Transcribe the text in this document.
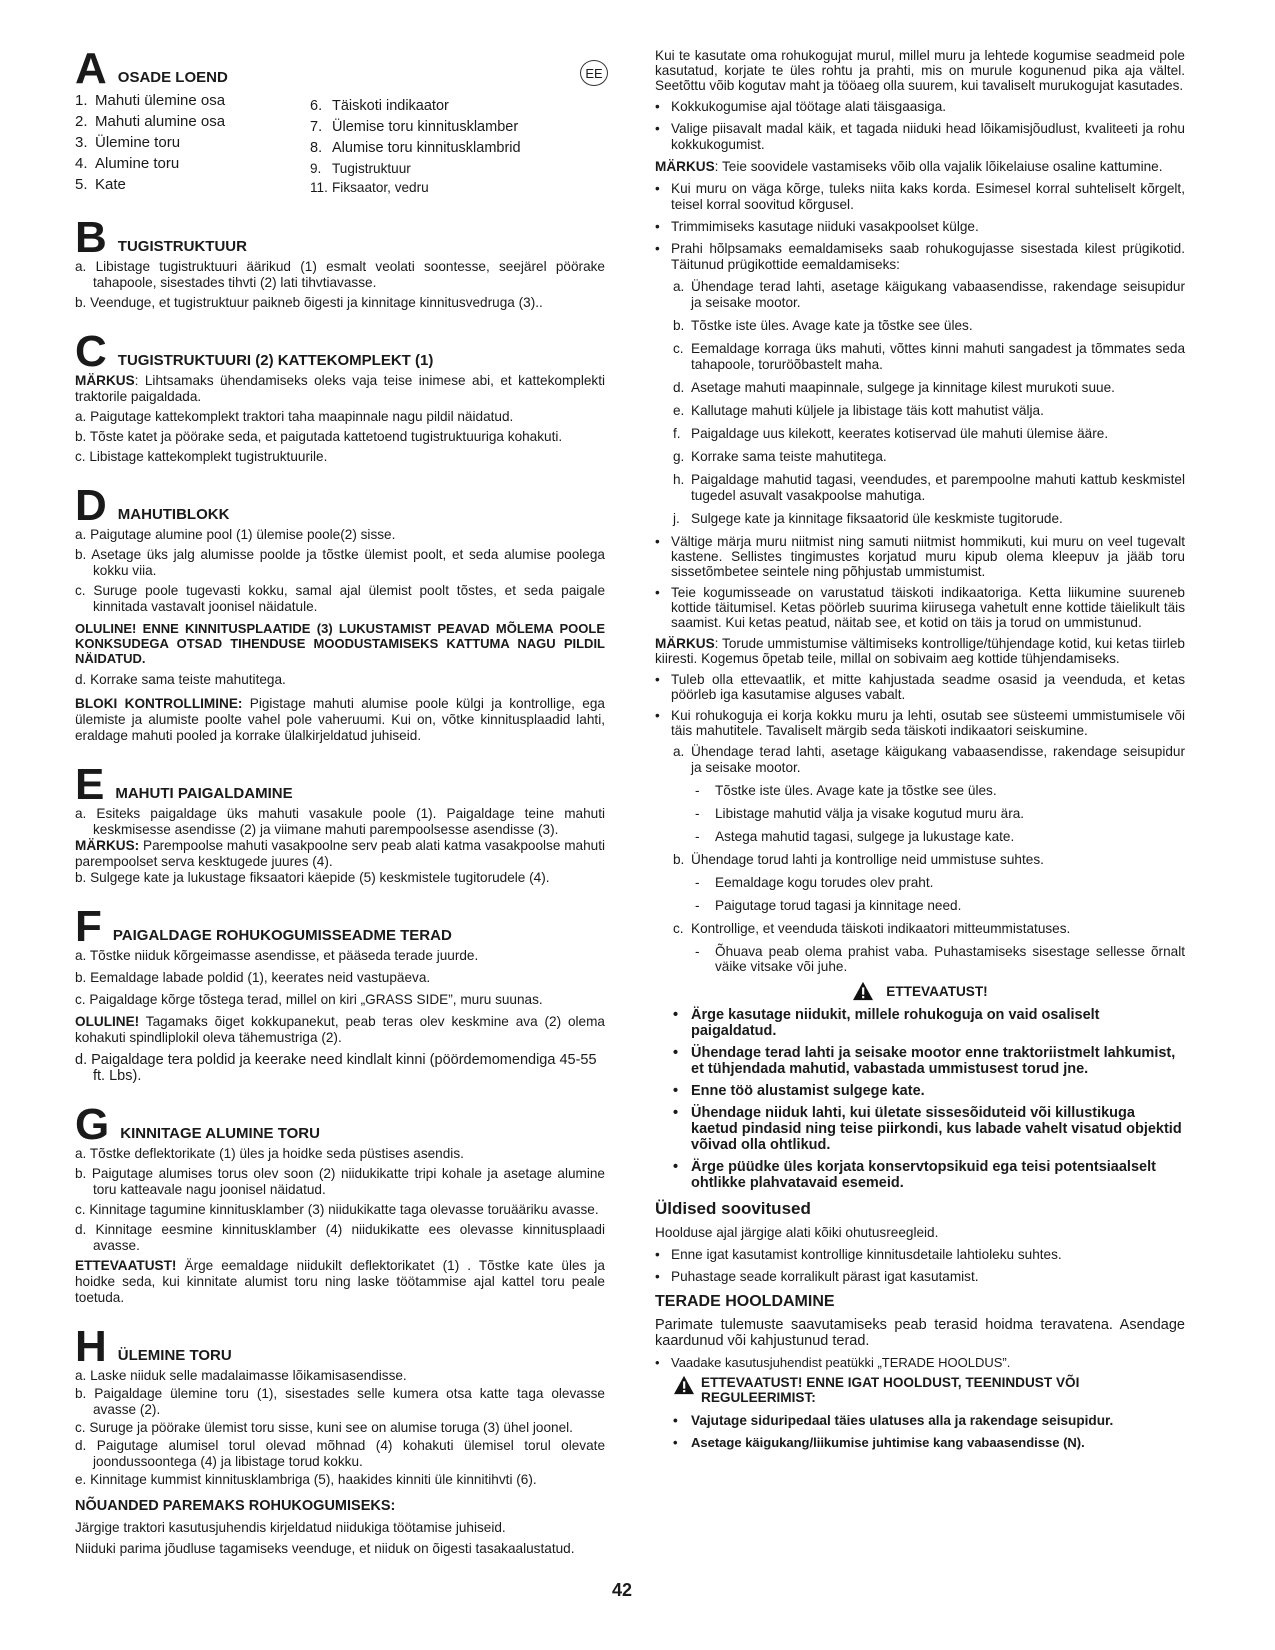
A OSADE LOEND
1. Mahuti ülemine osa
2. Mahuti alumine osa
3. Ülemine toru
4. Alumine toru
5. Kate
6. Täiskoti indikaator
7. Ülemise toru kinnitusklamber
8. Alumise toru kinnitusklambrid
9. Tugistruktuur
11. Fiksaator, vedru
B TUGISTRUKTUUR

a. Libistage tugistruktuuri äärikud (1) esmalt veolati soontesse, seejärel pöörake tahapoole, sisestades tihvti (2) lati tihvtiavasse.

b. Veenduge, et tugistruktuur paikneb õigesti ja kinnitage kinnitusvedruga (3)..

C TUGISTRUKTUURI (2) KATTEKOMPLEKT (1)

MÄRKUS: Lihtsamaks ühendamiseks oleks vaja teise inimese abi, et kattekomplekti traktorile paigaldada.

a. Paigutage kattekomplekt traktori taha maapinnale nagu pildil näidatud.

b. Tõste katet ja pöörake seda, et paigutada kattetoend tugistruktuuriga kohakuti.

c. Libistage kattekomplekt tugistruktuurile.

D MAHUTIBLOKK

a. Paigutage alumine pool (1) ülemise poole(2) sisse.

b. Asetage üks jalg alumisse poolde ja tõstke ülemist poolt, et seda alumise poolega kokku viia.

c. Suruge poole tugevasti kokku, samal ajal ülemist poolt tõstes, et seda paigale kinnitada vastavalt joonisel näidatule.

OLULINE! ENNE KINNITUSPLAATIDE (3) LUKUSTAMIST PEAVAD MÕLEMA POOLE KONKSUDEGA OTSAD TIHENDUSE MOODUSTAMISEKS KATTUMA NAGU PILDIL NÄIDATUD.

d. Korrake sama teiste mahutitega.

BLOKI KONTROLLIMINE: Pigistage mahuti alumise poole külgi ja kontrollige, ega ülemiste ja alumiste poolte vahel pole vaheruumi. Kui on, võtke kinnitusplaadid lahti, eraldage mahuti pooled ja korrake ülalkirjeldatud juhiseid.

E MAHUTI PAIGALDAMINE

a. Esiteks paigaldage üks mahuti vasakule poole (1). Paigaldage teine mahuti keskmisesse asendisse (2) ja viimane mahuti parempoolsesse asendisse (3).

MÄRKUS: Parempoolse mahuti vasakpoolne serv peab alati katma vasakpoolse mahuti parempoolset serva kesktugede juures (4).

b. Sulgege kate ja lukustage fiksaatori käepide (5) keskmistele tugitorudele (4).

F PAIGALDAGE ROHUKOGUMISSEADME TERAD

a. Tõstke niiduk kõrgeimasse asendisse, et pääseda terade juurde.

b. Eemaldage labade poldid (1), keerates neid vastupäeva.

c. Paigaldage kõrge tõstega terad, millel on kiri „GRASS SIDE”, muru suunas.

OLULINE! Tagamaks õiget kokkupanekut, peab teras olev keskmine ava (2) olema kohakuti spindliplokil oleva tähemustriga (2).

d. Paigaldage tera poldid ja keerake need kindlalt kinni (pöördemomendiga 45-55 ft. Lbs).

G KINNITAGE ALUMINE TORU

a. Tõstke deflektorikate (1) üles ja hoidke seda püstises asendis.

b. Paigutage alumises torus olev soon (2) niidukikatte tripi kohale ja asetage alumine toru katteavale nagu joonisel näidatud.

c. Kinnitage tagumine kinnitusklamber (3) niidukikatte taga olevasse toruääriku avasse.

d. Kinnitage eesmine kinnitusklamber (4) niidukikatte ees olevasse kinnitusplaadi avasse.

ETTEVAATUST! Ärge eemaldage niidukilt deflektorikatet (1) . Tõstke kate üles ja hoidke seda, kui kinnitate alumist toru ning laske töötammise ajal kattel toru peale toetuda.

H ÜLEMINE TORU

a. Laske niiduk selle madalaimasse lõikamisasendisse.

b. Paigaldage ülemine toru (1), sisestades selle kumera otsa katte taga olevasse avasse (2).

c. Suruge ja pöörake ülemist toru sisse, kuni see on alumise toruga (3) ühel joonel.

d. Paigutage alumisel torul olevad mõhnad (4) kohakuti ülemisel torul olevate joondussoontega (4) ja libistage torud kokku.

e. Kinnitage kummist kinnitusklambriga (5), haakides kinniti üle kinnitihvti (6).

NÕUANDED PAREMAKS ROHUKOGUMISEKS:

Järgige traktori kasutusjuhendis kirjeldatud niidukiga töötamise juhiseid.

Niiduki parima jõudluse tagamiseks veenduge, et niiduk on õigesti tasakaalustatud.

EE
42

Kui te kasutate oma rohukogujat murul, millel muru ja lehtede kogumise seadmeid pole kasutatud, korjate te üles rohtu ja prahti, mis on murule kogunenud pika aja vältel. Seetõttu võib kogutav maht ja tööaeg olla suurem, kui tavaliselt murukogujat kasutades.

• Kokkukogumise ajal töötage alati täisgaasiga.

• Valige piisavalt madal käik, et tagada niiduki head lõikamisjõudlust, kvaliteeti ja rohu kokkukogumist.

MÄRKUS: Teie soovidele vastamiseks võib olla vajalik lõikelaiuse osaline kattumine.

• Kui muru on väga kõrge, tuleks niita kaks korda. Esimesel korral suhteliselt kõrgelt, teisel korral soovitud kõrgusel.

• Trimmimiseks kasutage niiduki vasakpoolset külge.

• Prahi hõlpsamaks eemaldamiseks saab rohukogujasse sisestada kilest prügikotid. Täitunud prügikottide eemaldamiseks:

a. Ühendage terad lahti, asetage käigukang vabaasendisse, rakendage seisupidur ja seisake mootor.

b. Tõstke iste üles. Avage kate ja tõstke see üles.

c. Eemaldage korraga üks mahuti, võttes kinni mahuti sangadest ja tõmmates seda tahapoole, toruröõbastelt maha.

d. Asetage mahuti maapinnale, sulgege ja kinnitage kilest murukoti suue.

e. Kallutage mahuti küljele ja libistage täis kott mahutist välja.

f. Paigaldage uus kilekott, keerates kotiservad üle mahuti ülemise ääre.

g. Korrake sama teiste mahutitega.

h. Paigaldage mahutid tagasi, veendudes, et parempoolne mahuti kattub keskmistel tugedel asuvalt vasakpoolse mahutiga.

j. Sulgege kate ja kinnitage fiksaatorid üle keskmiste tugitorude.

• Vältige märja muru niitmist ning samuti niitmist hommikuti, kui muru on veel tugevalt kastene. Sellistes tingimustes korjatud muru kipub olema kleepuv ja jääb toru sissetõmbetee seintele ning põhjustab ummistumist.

• Teie kogumisseade on varustatud täiskoti indikaatoriga. Ketta liikumine suureneb kottide täitumisel. Ketas pöörleb suurima kiirusega vahetult enne kottide täielikult täis saamist. Kui ketas peatud, näitab see, et kotid on täis ja torud on ummistunud.

MÄRKUS: Torude ummistumise vältimiseks kontrollige/tühjendage kotid, kui ketas tiirleb kiiresti. Kogemus õpetab teile, millal on sobivaim aeg kottide tühjendamiseks.

• Tuleb olla ettevaatlik, et mitte kahjustada seadme osasid ja veenduda, et ketas pöörleb iga kasutamise alguses vabalt.

• Kui rohukoguja ei korja kokku muru ja lehti, osutab see süsteemi ummistumisele või täis mahutitele. Tavaliselt märgib seda täiskoti indikaatori seiskumine.

a. Ühendage terad lahti, asetage käigukang vabaasendisse, rakendage seisupidur ja seisake mootor.

- Tõstke iste üles. Avage kate ja tõstke see üles.

- Libistage mahutid välja ja visake kogutud muru ära.

- Astega mahutid tagasi, sulgege ja lukustage kate.

b. Ühendage torud lahti ja kontrollige neid ummistuse suhtes.

- Eemaldage kogu torudes olev praht.

- Paigutage torud tagasi ja kinnitage need.

c. Kontrollige, et veenduda täiskoti indikaatori mitteummistatuses.

- Õhuava peab olema prahist vaba. Puhastamiseks sisestage sellesse õrnalt väike vitsake või juhe.

ETTEVAATUST!

• Ärge kasutage niidukit, millele rohukoguja on vaid osaliselt paigaldatud.

• Ühendage terad lahti ja seisake mootor enne traktoriistmelt lahkumist, et tühjendada mahutid, vabastada ummistusest torud jne.

• Enne töö alustamist sulgege kate.

• Ühendage niiduk lahti, kui ületate sissesõiduteid või killustikuga kaetud pindasid ning teise piirkondi, kus labade vahelt visatud objektid võivad olla ohtlikud.

• Ärge püüdke üles korjata konservtopsikuid ega teisi potentsiaalselt ohtlikke plahvatavaid esemeid.

Üldised soovitused

Hoolduse ajal järgige alati kõiki ohutusreegleid.

• Enne igat kasutamist kontrollige kinnitusdetaile lahtioleku suhtes.

• Puhastage seade korralikult pärast igat kasutamist.

TERADE HOOLDAMINE

Parimate tulemuste saavutamiseks peab terasid hoidma teravatena. Asendage kaardunud või kahjustunud terad.

• Vaadake kasutusjuhendist peatükki „TERADE HOOLDUS”.

ETTEVAATUST! ENNE IGAT HOOLDUST, TEENINDUST VÕI REGULEERIMIST:

• Vajutage siduripedaal täies ulatuses alla ja rakendage seisupidur.

• Asetage käigukang/liikumise juhtimise kang vabaasendisse (N).
